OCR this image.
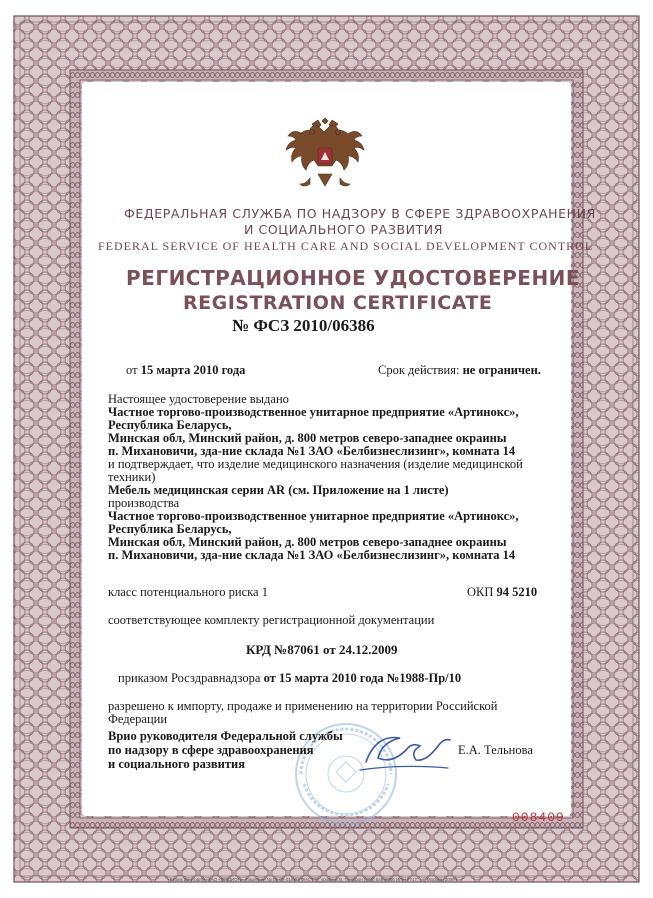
ФЕДЕРАЛЬНАЯ СЛУЖБА ПО НАДЗОРУ В СФЕРЕ ЗДРАВООХРАНЕНИЯ

И СОЦИАЛЬНОГО РАЗВИТИЯ

FEDERAL SERVICE OF HEALTH CARE AND SOCIAL DEVELOPMENT CONTROL

РЕГИСТРАЦИОННОЕ УДОСТОВЕРЕНИЕ

REGISTRATION CERTIFICATE

№ ФСЗ 2010/06386

от 15 марта 2010 года	Срок действия: не ограничен.

Настоящее удостоверение выдано

Частное торгово-производственное унитарное предприятие «Артинокс»,

Республика Беларусь,

Минская обл, Минский район, д. 800 метров северо-западнее окраины

п. Михановичи, зда-ние склада №1 ЗАО «Белбизнеслизинг», комната 14

и подтверждает, что изделие медицинского назначения (изделие медицинской

техники)

Мебель медицинская серии AR (см. Приложение на 1 листе)

производства

Частное торгово-производственное унитарное предприятие «Артинокс»,

Республика Беларусь,

Минская обл, Минский район, д. 800 метров северо-западнее окраины

п. Михановичи, зда-ние склада №1 ЗАО «Белбизнеслизинг», комната 14

класс потенциального риска 1	ОКП 94 5210

соответствующее комплекту регистрационной документации

КРД №87061 от 24.12.2009

приказом Росздравнадзора от 15 марта 2010 года №1988-Пр/10

разрешено к импорту, продаже и применению на территории Российской

Федерации

Врио руководителя Федеральной службы

по надзору в сфере здравоохранения

и социального развития

Е.А. Тельнова

008409

Бланк изготовлен ЗАО «ОПЦИОН», лицензия № 05-05-01/003 ФНС РФ, уровень В, телефон (495) 648-6966 ИНН 7717 ... г. Москва, 2009 г.
